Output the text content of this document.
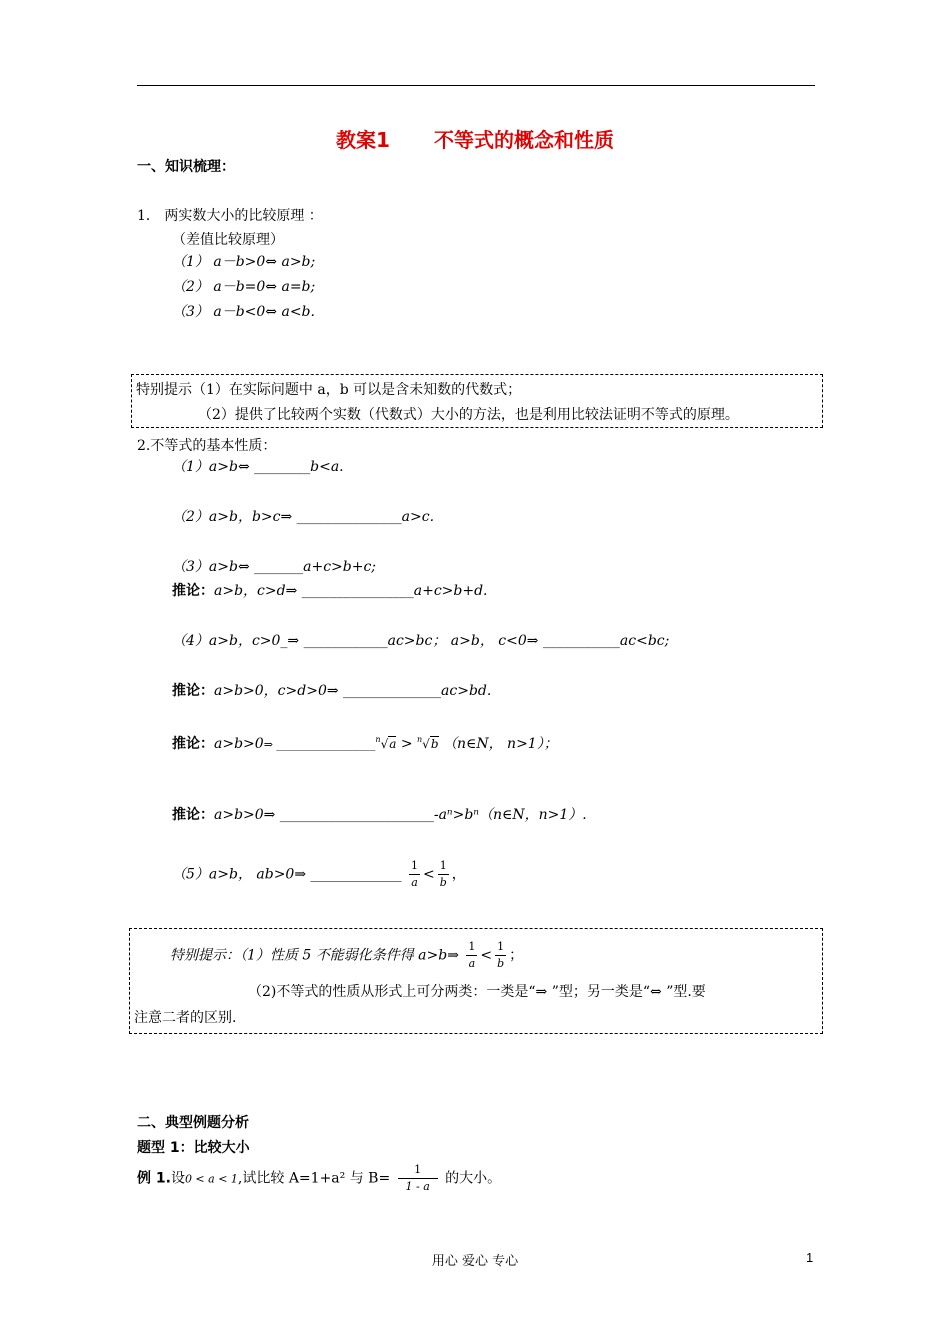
教案1 不等式的概念和性质
一、知识梳理：
1． 两实数大小的比较原理 ：
（差值比较原理）
（1） a－b>0⇔ a>b;
（2） a－b=0⇔ a=b;
（3） a－b<0⇔ a<b.
特别提示（1）在实际问题中 a，b 可以是含未知数的代数式；
（2）提供了比较两个实数（代数式）大小的方法，也是利用比较法证明不等式的原理。
2.不等式的基本性质：
（1）a>b⇔ ________b<a.
（2）a>b，b>c⇒ _______________a>c.
（3）a>b⇔ _______a+c>b+c;
推论：a>b，c>d⇒ ________________a+c>b+d.
（4）a>b，c>0_⇒ ____________ac>bc； a>b， c<0⇒ ___________ac<bc;
推论：a>b>0，c>d>0⇒ ______________ac>bd.
推论：a>b>0⇒ __________________$^n$√a > $^n$√b （n∈N， n>1）；
推论：a>b>0⇒ ______________________-aⁿ>bⁿ（n∈N，n>1）.
（5）a>b， ab>0⇒ _____________ $\frac{1}{a} < \frac{1}{b}$ ，
特别提示：（1）性质 5 不能弱化条件得 a>b⇒ $\frac{1}{a} < \frac{1}{b}$ ；
（2)不等式的性质从形式上可分两类：一类是“⇒ ”型；另一类是“⇔ ”型.要
注意二者的区别.
二、典型例题分析
题型 1：比较大小
例 1.设0 < a < 1,试比较 A=1+a² 与 $B= \frac{1}{1 - a}$ 的大小。
用心 爱心 专心	1
